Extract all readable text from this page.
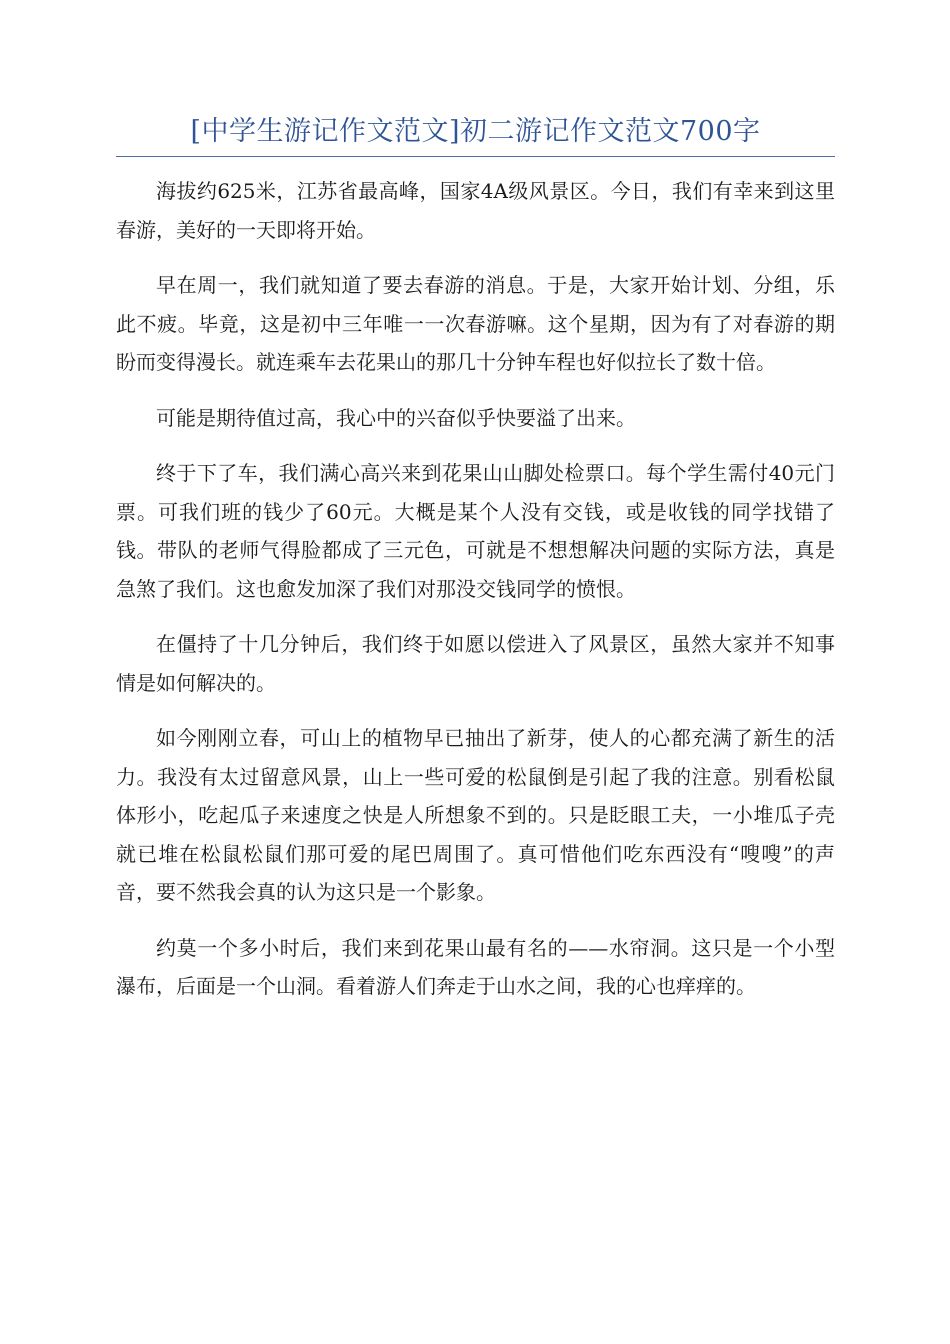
[中学生游记作文范文]初二游记作文范文700字

海拔约625米，江苏省最高峰，国家4A级风景区。今日，我们有幸来到这里春游，美好的一天即将开始。

早在周一，我们就知道了要去春游的消息。于是，大家开始计划、分组，乐此不疲。毕竟，这是初中三年唯一一次春游嘛。这个星期，因为有了对春游的期盼而变得漫长。就连乘车去花果山的那几十分钟车程也好似拉长了数十倍。

可能是期待值过高，我心中的兴奋似乎快要溢了出来。

终于下了车，我们满心高兴来到花果山山脚处检票口。每个学生需付40元门票。可我们班的钱少了60元。大概是某个人没有交钱，或是收钱的同学找错了钱。带队的老师气得脸都成了三元色，可就是不想想解决问题的实际方法，真是急煞了我们。这也愈发加深了我们对那没交钱同学的愤恨。

在僵持了十几分钟后，我们终于如愿以偿进入了风景区，虽然大家并不知事情是如何解决的。

如今刚刚立春，可山上的植物早已抽出了新芽，使人的心都充满了新生的活力。我没有太过留意风景，山上一些可爱的松鼠倒是引起了我的注意。别看松鼠体形小，吃起瓜子来速度之快是人所想象不到的。只是眨眼工夫，一小堆瓜子壳就已堆在松鼠松鼠们那可爱的尾巴周围了。真可惜他们吃东西没有“嗖嗖”的声音，要不然我会真的认为这只是一个影象。

约莫一个多小时后，我们来到花果山最有名的——水帘洞。这只是一个小型瀑布，后面是一个山洞。看着游人们奔走于山水之间，我的心也痒痒的。
